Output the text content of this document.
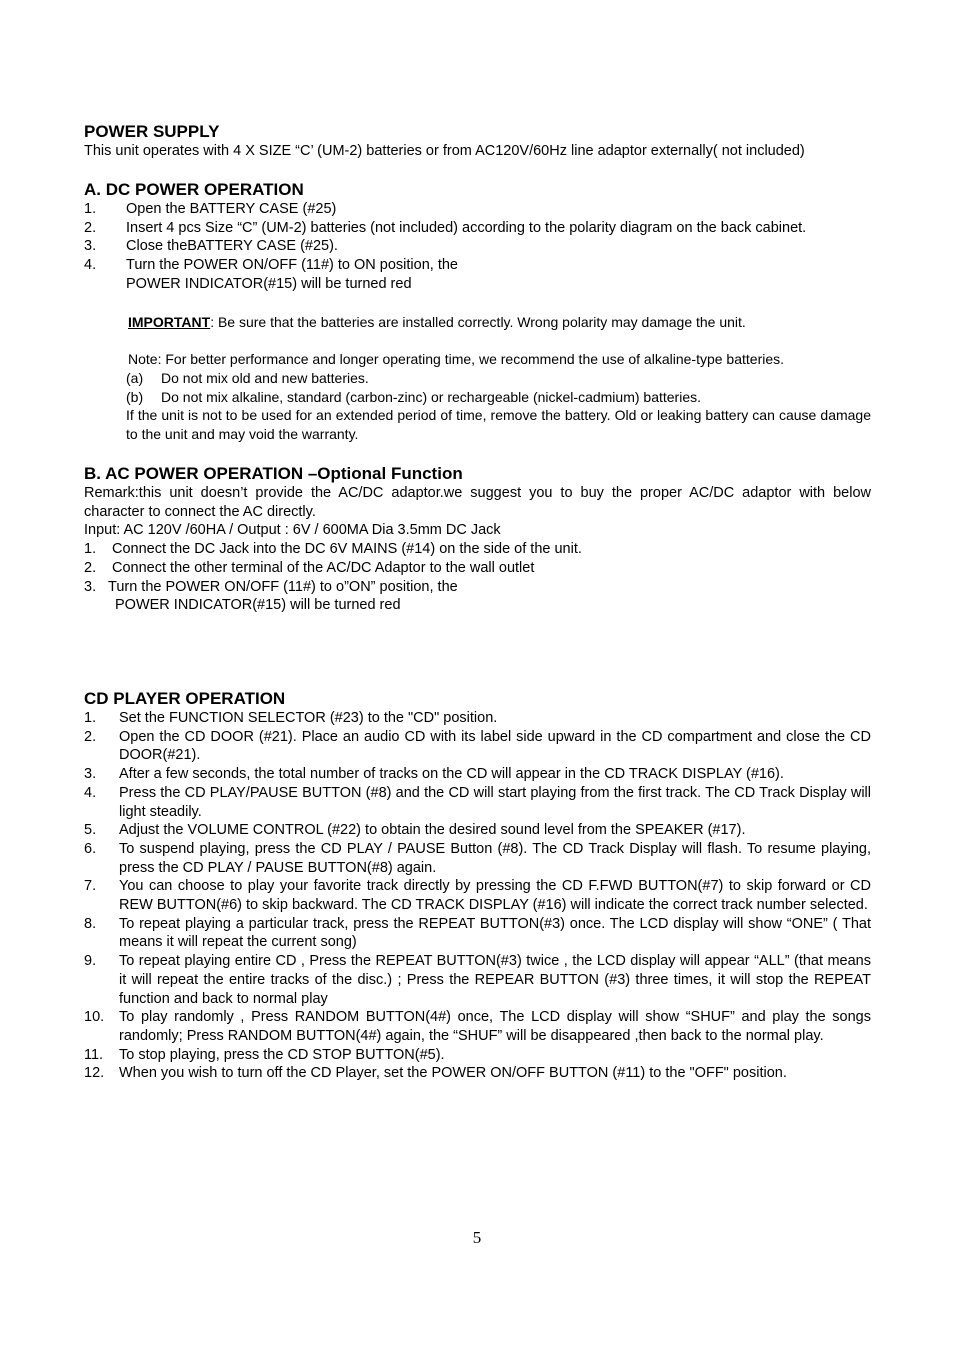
POWER SUPPLY

This unit operates with 4 X SIZE “C’ (UM-2) batteries or from AC120V/60Hz line adaptor externally( not included)

A. DC POWER OPERATION
1.	Open the BATTERY CASE (#25)
2.	Insert 4 pcs Size “C” (UM-2) batteries (not included) according to the polarity diagram on the back cabinet.
3.	Close theBATTERY CASE (#25).
4.	Turn the POWER ON/OFF (11#) to ON position, the

POWER INDICATOR(#15) will be turned red

IMPORTANT: Be sure that the batteries are installed correctly. Wrong polarity may damage the unit.

Note: For better performance and longer operating time, we recommend the use of alkaline-type batteries.

(a)	Do not mix old and new batteries.
(b)	Do not mix alkaline, standard (carbon-zinc) or rechargeable (nickel-cadmium) batteries.

If the unit is not to be used for an extended period of time, remove the battery. Old or leaking battery can cause damage to the unit and may void the warranty.

B. AC POWER OPERATION –Optional Function

Remark:this unit doesn’t provide the AC/DC adaptor.we suggest you to buy the proper AC/DC adaptor with below character to connect the AC directly.

Input: AC 120V /60HA / Output : 6V / 600MA Dia 3.5mm DC Jack

1.	Connect the DC Jack into the DC 6V MAINS (#14) on the side of the unit.
2.	Connect the other terminal of the AC/DC Adaptor to the wall outlet
3. Turn the POWER ON/OFF (11#) to o”ON” position, the

POWER INDICATOR(#15) will be turned red

CD PLAYER OPERATION
1.	Set the FUNCTION SELECTOR (#23) to the "CD" position.
2.	Open the CD DOOR (#21). Place an audio CD with its label side upward in the CD compartment and close the CD DOOR(#21).
3.	After a few seconds, the total number of tracks on the CD will appear in the CD TRACK DISPLAY (#16).
4.	Press the CD PLAY/PAUSE BUTTON (#8) and the CD will start playing from the first track. The CD Track Display will light steadily.
5.	Adjust the VOLUME CONTROL (#22) to obtain the desired sound level from the SPEAKER (#17).
6.	To suspend playing, press the CD PLAY / PAUSE Button (#8). The CD Track Display will flash. To resume playing, press the CD PLAY / PAUSE BUTTON(#8) again.
7.	You can choose to play your favorite track directly by pressing the CD F.FWD BUTTON(#7) to skip forward or CD REW BUTTON(#6) to skip backward. The CD TRACK DISPLAY (#16) will indicate the correct track number selected.
8.	To repeat playing a particular track, press the REPEAT BUTTON(#3) once. The LCD display will show “ONE” ( That means it will repeat the current song)
9.	To repeat playing entire CD , Press the REPEAT BUTTON(#3) twice , the LCD display will appear “ALL” (that means it will repeat the entire tracks of the disc.) ; Press the REPEAR BUTTON (#3) three times, it will stop the REPEAT function and back to normal play
10.	To play randomly , Press RANDOM BUTTON(4#) once, The LCD display will show “SHUF” and play the songs randomly; Press RANDOM BUTTON(4#) again, the “SHUF” will be disappeared ,then back to the normal play.
11.	To stop playing, press the CD STOP BUTTON(#5).
12.	When you wish to turn off the CD Player, set the POWER ON/OFF BUTTON (#11) to the "OFF" position.
5
